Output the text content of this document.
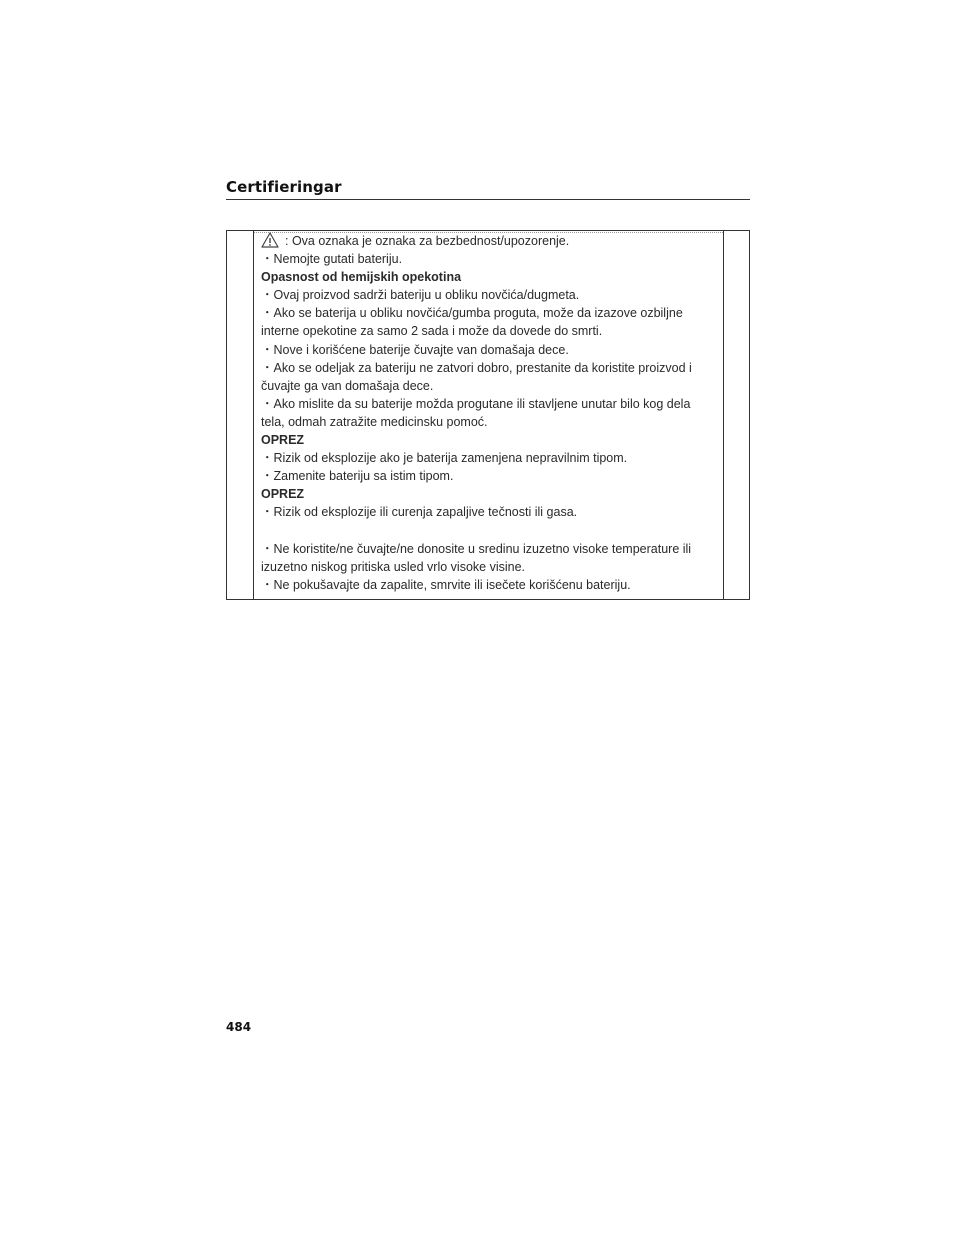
Certifieringar
: Ova oznaka je oznaka za bezbednost/upozorenje.
・Nemojte gutati bateriju.
Opasnost od hemijskih opekotina
・Ovaj proizvod sadrži bateriju u obliku novčića/dugmeta.
・Ako se baterija u obliku novčića/gumba proguta, može da izazove ozbiljne
interne opekotine za samo 2 sada i može da dovede do smrti.
・Nove i korišćene baterije čuvajte van domašaja dece.
・Ako se odeljak za bateriju ne zatvori dobro, prestanite da koristite proizvod i
čuvajte ga van domašaja dece.
・Ako mislite da su baterije možda progutane ili stavljene unutar bilo kog dela
tela, odmah zatražite medicinsku pomoć.
OPREZ
・Rizik od eksplozije ako je baterija zamenjena nepravilnim tipom.
・Zamenite bateriju sa istim tipom.
OPREZ
・Rizik od eksplozije ili curenja zapaljive tečnosti ili gasa.
・Ne koristite/ne čuvajte/ne donosite u sredinu izuzetno visoke temperature ili
izuzetno niskog pritiska usled vrlo visoke visine.
・Ne pokušavajte da zapalite, smrvite ili isečete korišćenu bateriju.
484
